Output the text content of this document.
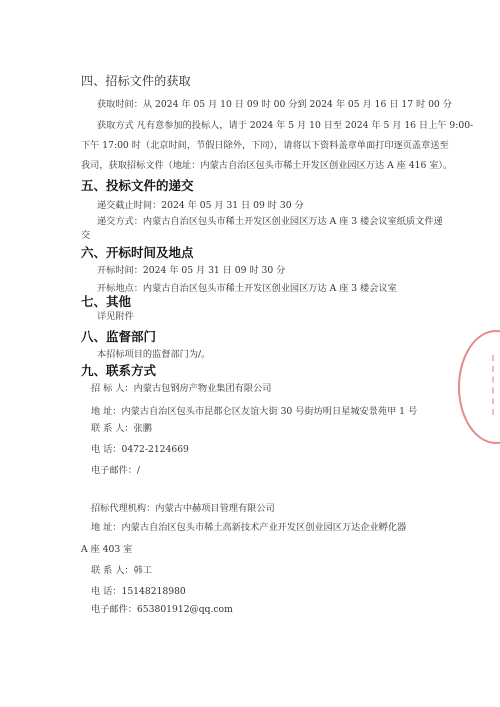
四、招标文件的获取
获取时间：从 2024 年 05 月 10 日 09 时 00 分到 2024 年 05 月 16 日 17 时 00 分
获取方式 凡有意参加的投标人，请于 2024 年 5 月 10 日至 2024 年 5 月 16 日上午 9:00-
下午 17:00 时（北京时间，节假日除外，下同），请将以下资料盖章单面打印逐页盖章送至
我司，获取招标文件（地址：内蒙古自治区包头市稀土开发区创业园区万达 A 座 416 室）。
五、投标文件的递交
递交截止时间：2024 年 05 月 31 日 09 时 30 分
递交方式：内蒙古自治区包头市稀土开发区创业园区万达 A 座 3 楼会议室纸质文件递
交
六、开标时间及地点
开标时间：2024 年 05 月 31 日 09 时 30 分
开标地点：内蒙古自治区包头市稀土开发区创业园区万达 A 座 3 楼会议室
七、其他
详见附件
八、监督部门
本招标项目的监督部门为/。
九、联系方式
招 标 人：内蒙古包钢房产物业集团有限公司
地 址：内蒙古自治区包头市昆都仑区友谊大街 30 号街坊明日星城安景苑甲 1 号
联 系 人：张鹏
电 话：0472-2124669
电子邮件：/
招标代理机构：内蒙古中赫项目管理有限公司
地 址：内蒙古自治区包头市稀土高新技术产业开发区创业园区万达企业孵化器
A 座 403 室
联 系 人：韩工
电 话：15148218980
电子邮件：653801912@qq.com
